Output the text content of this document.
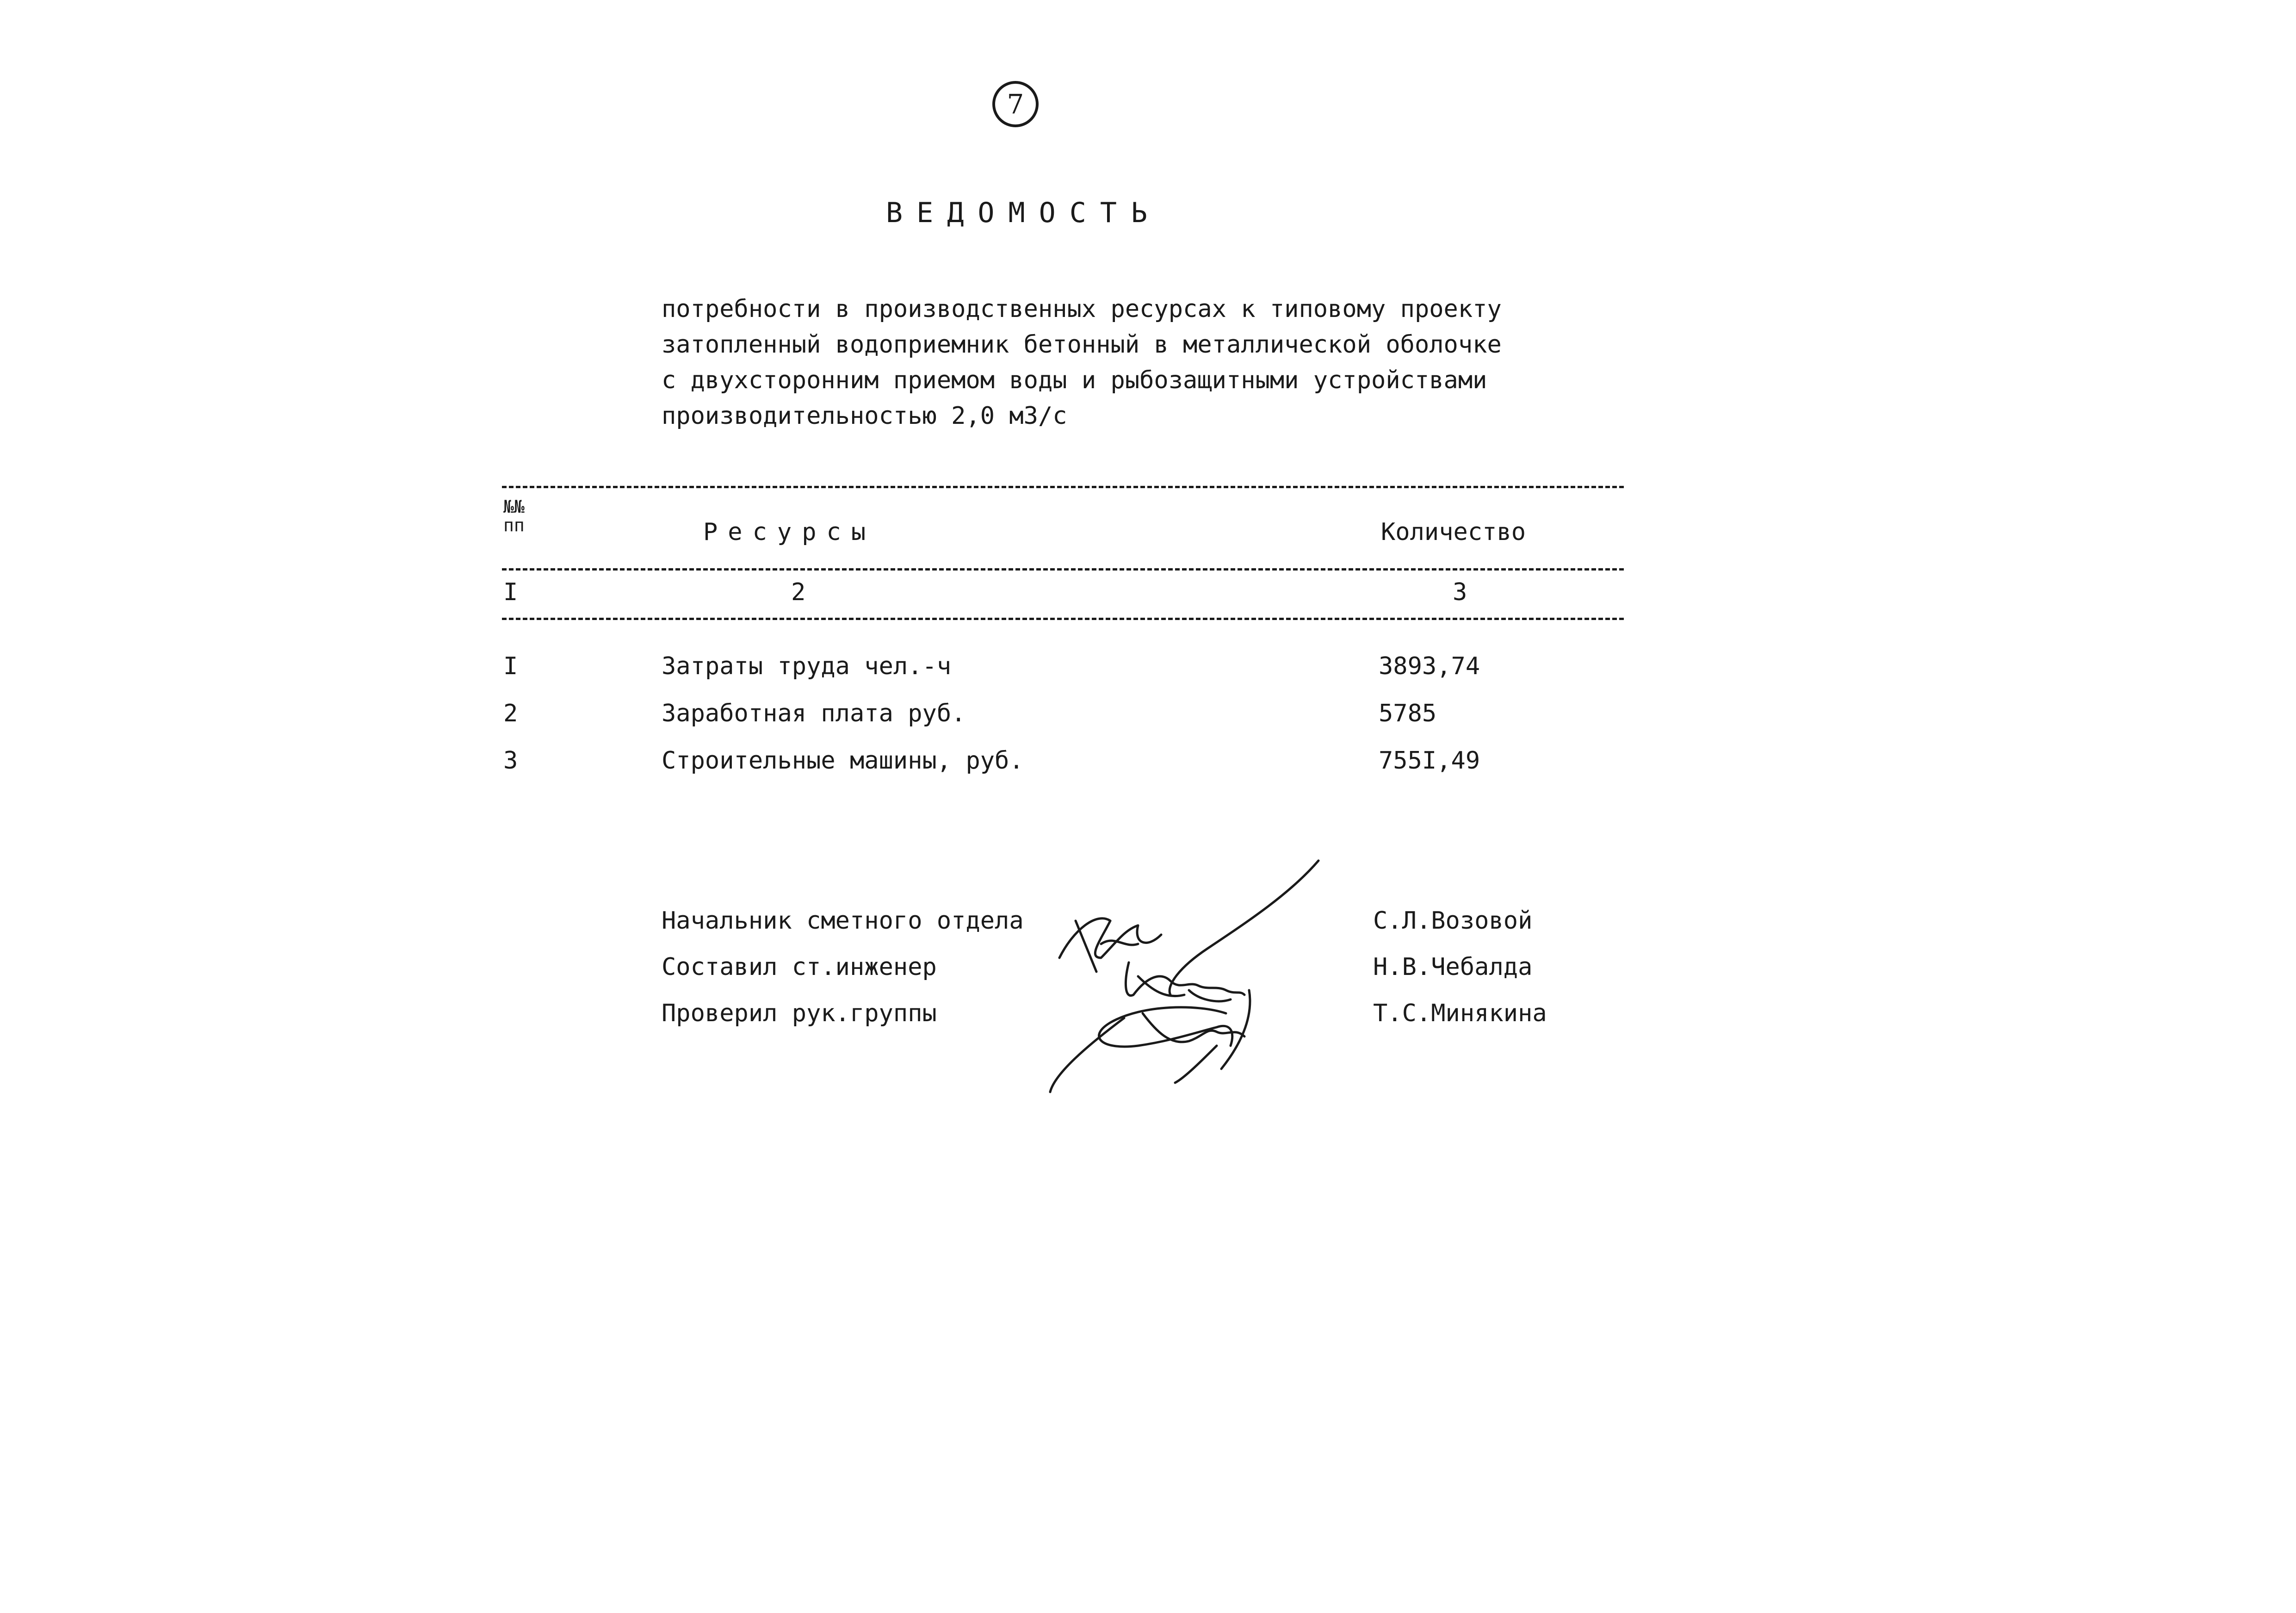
7
ВЕДОМОСТЬ
потребности в производственных ресурсах к типовому проекту
затопленный водоприемник бетонный в металлической оболочке
с двухсторонним приемом воды и рыбозащитными устройствами
производительностью 2,0 м3/с
№№
пп	Ресурсы	Количество
I	2	3
I	Затраты труда чел.-ч	3893,74
2	Заработная плата руб.	5785
3	Строительные машины, руб.	755I,49
Начальник сметного отдела	С.Л.Возовой
Составил ст.инженер	Н.В.Чебалда
Проверил рук.группы	Т.С.Минякина
